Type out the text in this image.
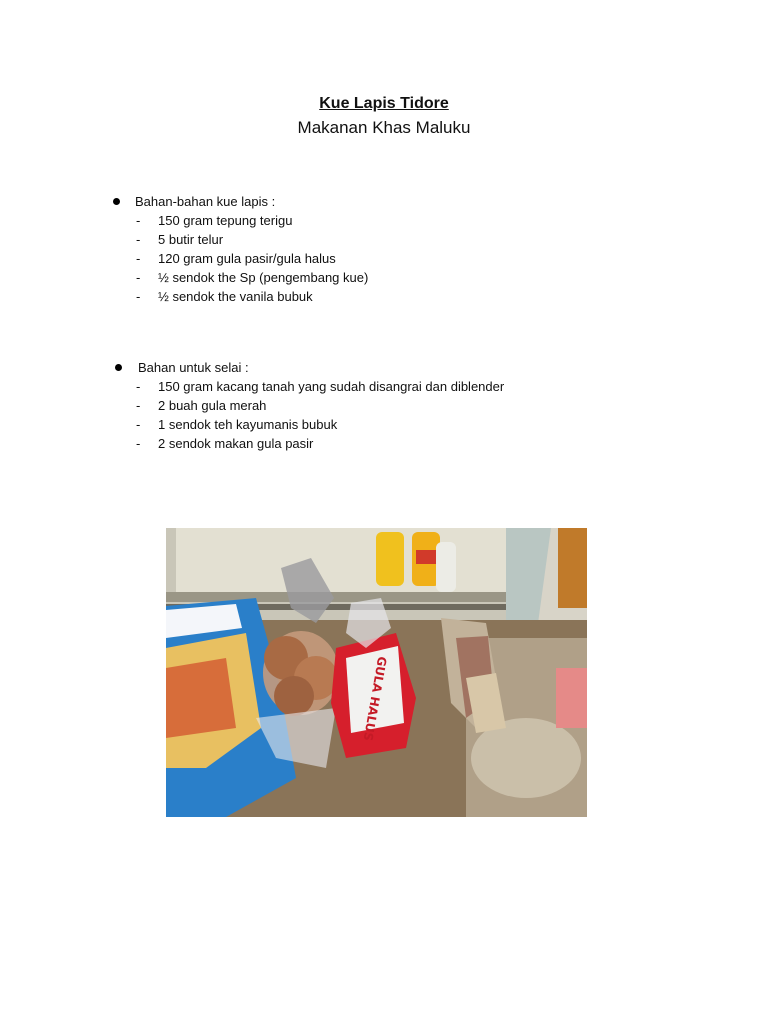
Kue Lapis Tidore
Makanan Khas Maluku
Bahan-bahan kue lapis :
- 150 gram tepung terigu
- 5 butir telur
- 120 gram gula pasir/gula halus
- ½ sendok the Sp (pengembang kue)
- ½ sendok the vanila bubuk
Bahan untuk selai :
- 150 gram kacang tanah yang sudah disangrai dan diblender
- 2 buah gula merah
- 1 sendok teh kayumanis bubuk
- 2 sendok makan gula pasir
GULA HALUS
